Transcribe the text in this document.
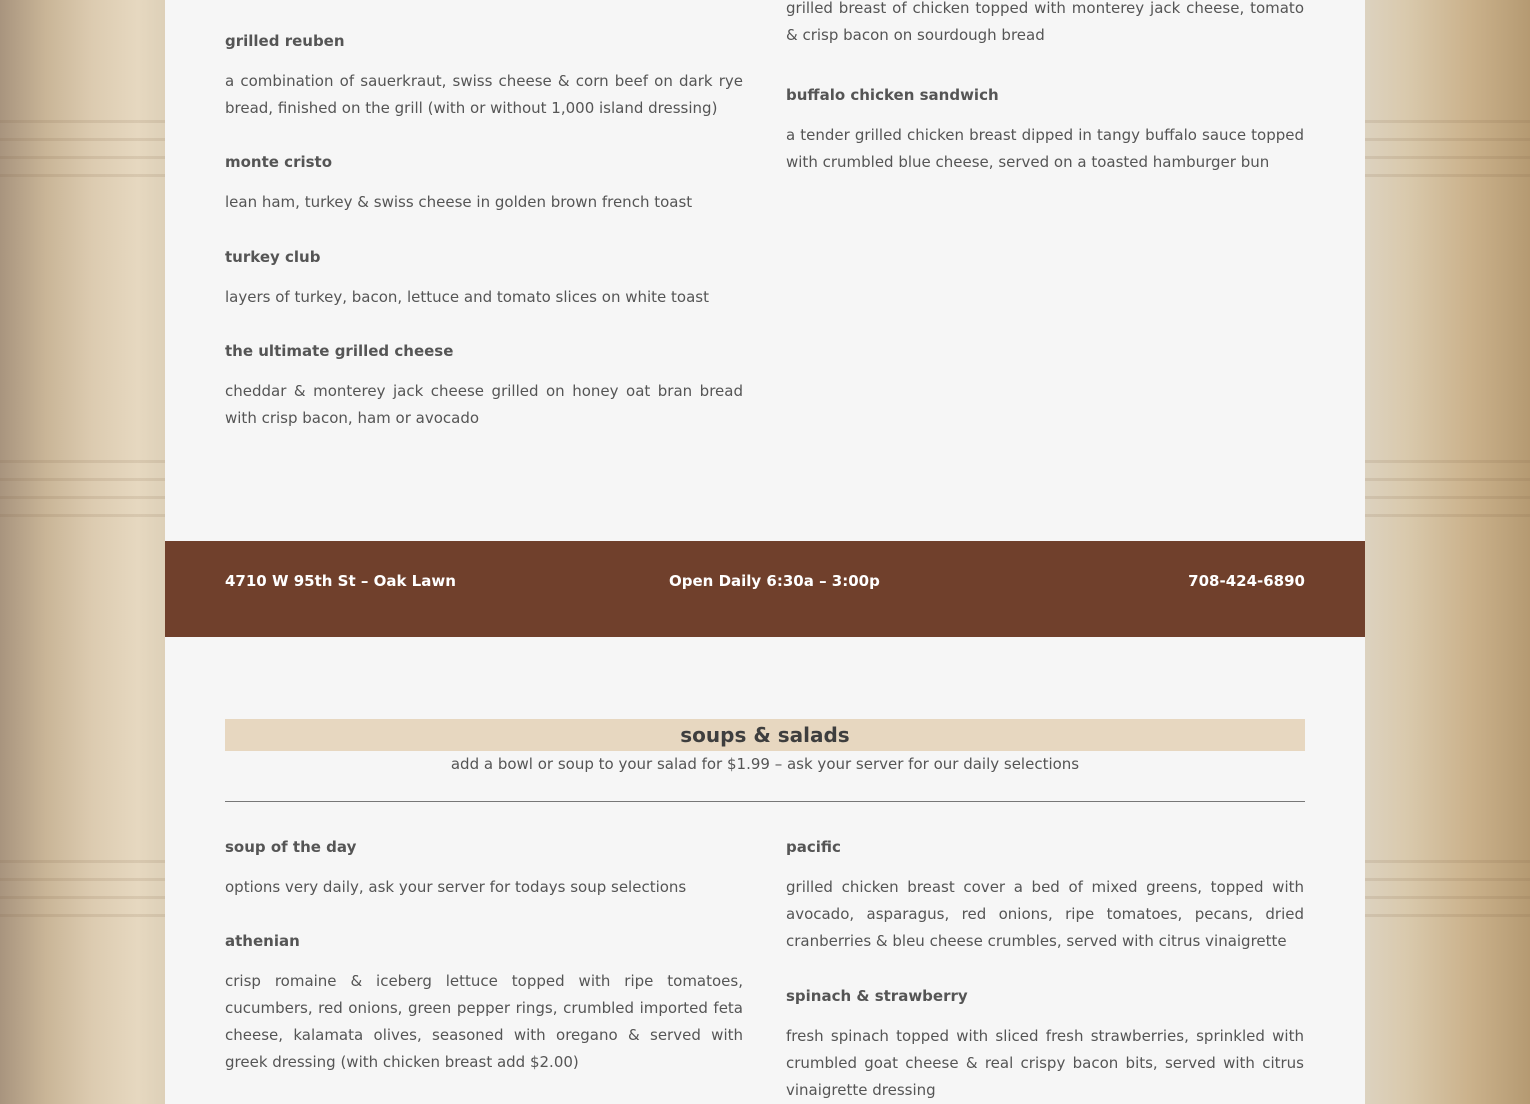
grilled reuben

a combination of sauerkraut, swiss cheese & corn beef on dark rye bread, finished on the grill (with or without 1,000 island dressing)

monte cristo

lean ham, turkey & swiss cheese in golden brown french toast

turkey club

layers of turkey, bacon, lettuce and tomato slices on white toast

the ultimate grilled cheese

cheddar & monterey jack cheese grilled on honey oat bran bread with crisp bacon, ham or avocado

grilled breast of chicken topped with monterey jack cheese, tomato & crisp bacon on sourdough bread

buffalo chicken sandwich

a tender grilled chicken breast dipped in tangy buffalo sauce topped with crumbled blue cheese, served on a toasted hamburger bun

4710 W 95th St – Oak Lawn	Open Daily 6:30a – 3:00p	708-424-6890
soups & salads
add a bowl or soup to your salad for $1.99 – ask your server for our daily selections

soup of the day

options very daily, ask your server for todays soup selections

athenian

crisp romaine & iceberg lettuce topped with ripe tomatoes, cucumbers, red onions, green pepper rings, crumbled imported feta cheese, kalamata olives, seasoned with oregano & served with greek dressing (with chicken breast add $2.00)

pacific

grilled chicken breast cover a bed of mixed greens, topped with avocado, asparagus, red onions, ripe tomatoes, pecans, dried cranberries & bleu cheese crumbles, served with citrus vinaigrette

spinach & strawberry

fresh spinach topped with sliced fresh strawberries, sprinkled with crumbled goat cheese & real crispy bacon bits, served with citrus vinaigrette dressing
